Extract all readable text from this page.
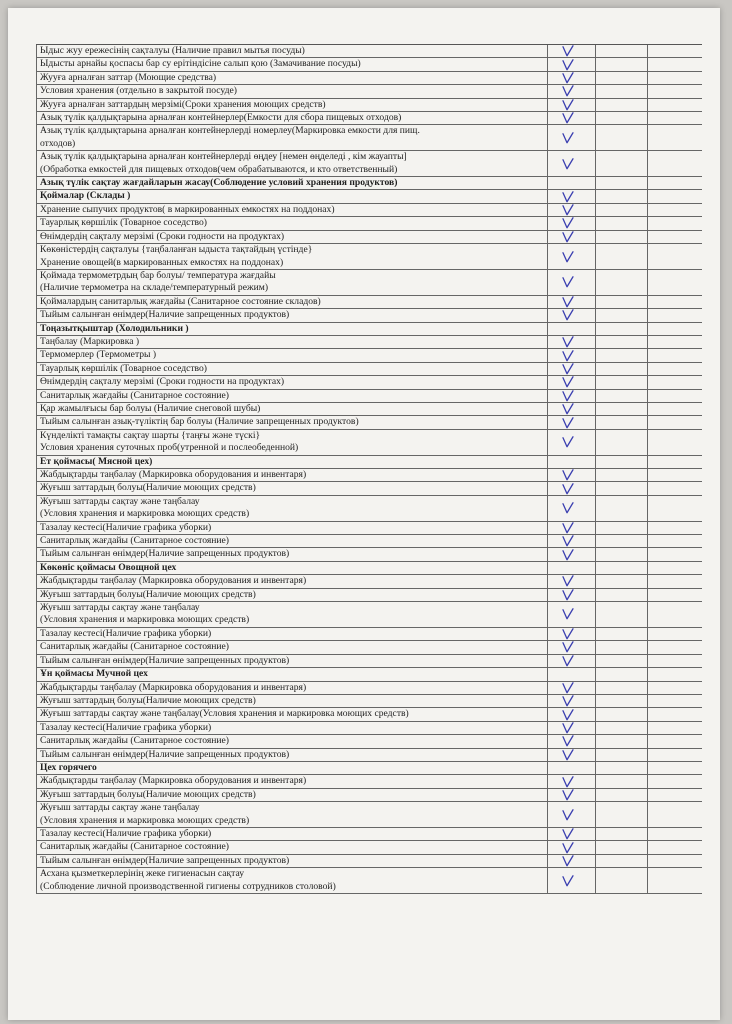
Ыдыс жуу ережесінің сақталуы (Наличие правил мытья посуды)
Ыдысты арнайы қоспасы бар су ерітіндісіне салып қою (Замачивание посуды)
Жууға арналған заттар (Моющие средства)
Условия хранения (отдельно в закрытой посуде)
Жууға арналған заттардың мерзімі(Сроки хранения моющих средств)
Азық түлік қалдықтарына арналған контейнерлер(Емкости для сбора пищевых отходов)
Азық түлік қалдықтарына арналған контейнерлерді номерлеу(Маркировка емкости для пищ.
отходов)
Азық түлік қалдықтарына арналған контейнерлерді өңдеу [немен өңделеді , кім жауапты]
(Обработка емкостей для пищевых отходов(чем обрабатываются, и кто ответственный)
Азық түлік сақтау жағдайларын жасау(Соблюдение условий хранения продуктов)
Қоймалар (Склады )
Хранение сыпучих продуктов( в маркированных емкостях на поддонах)
Тауарлық көршілік (Товарное соседство)
Өнімдердің сақталу мерзімі (Сроки годности на продуктах)
Көкөністердің сақталуы {таңбаланған ыдыста тақтайдың үстінде}
Хранение овощей(в маркированных емкостях на поддонах)
Қоймада термометрдың бар болуы/ температура жағдайы
(Наличие термометра на складе/температурный режим)
Қоймалардың санитарлық жағдайы (Санитарное состояние складов)
Тыйым салынған өнімдер(Наличие запрещенных продуктов)
Тоңазытқыштар (Холодильники )
Таңбалау (Маркировка )
Термомерлер (Термометры )
Тауарлық көршілік (Товарное соседство)
Өнімдердің сақталу мерзімі (Сроки годности на продуктах)
Санитарлық жағдайы (Санитарное состояние)
Қар жамылғысы бар болуы (Наличие снеговой шубы)
Тыйым салынған азық-түліктің бар болуы (Наличие запрещенных продуктов)
Күнделікті тамақты сақтау шарты {таңғы және түскі}
Условия хранения суточных проб(утренной и послеобеденной)
Ет қоймасы( Мясной цех)
Жабдықтарды таңбалау (Маркировка оборудования и инвентаря)
Жуғыш заттардың болуы(Наличие моющих средств)
Жуғыш заттарды сақтау және таңбалау
(Условия хранения и маркировка моющих средств)
Тазалау кестесі(Наличие графика уборки)
Санитарлық жағдайы (Санитарное состояние)
Тыйым салынған өнімдер(Наличие запрещенных продуктов)
Көкөніс қоймасы Овощной цех
Жабдықтарды таңбалау (Маркировка оборудования и инвентаря)
Жуғыш заттардың болуы(Наличие моющих средств)
Жуғыш заттарды сақтау және таңбалау
(Условия хранения и маркировка моющих средств)
Тазалау кестесі(Наличие графика уборки)
Санитарлық жағдайы (Санитарное состояние)
Тыйым салынған өнімдер(Наличие запрещенных продуктов)
Ұн қоймасы Мучной цех
Жабдықтарды таңбалау (Маркировка оборудования и инвентаря)
Жуғыш заттардың болуы(Наличие моющих средств)
Жуғыш заттарды сақтау және таңбалау(Условия хранения и маркировка моющих средств)
Тазалау кестесі(Наличие графика уборки)
Санитарлық жағдайы (Санитарное состояние)
Тыйым салынған өнімдер(Наличие запрещенных продуктов)
Цех горячего
Жабдықтарды таңбалау (Маркировка оборудования и инвентаря)
Жуғыш заттардың болуы(Наличие моющих средств)
Жуғыш заттарды сақтау және таңбалау
(Условия хранения и маркировка моющих средств)
Тазалау кестесі(Наличие графика уборки)
Санитарлық жағдайы (Санитарное состояние)
Тыйым салынған өнімдер(Наличие запрещенных продуктов)
Асхана қызметкерлерінің жеке гигиенасын сақтау
(Соблюдение личной производственной гигиены сотрудников столовой)
